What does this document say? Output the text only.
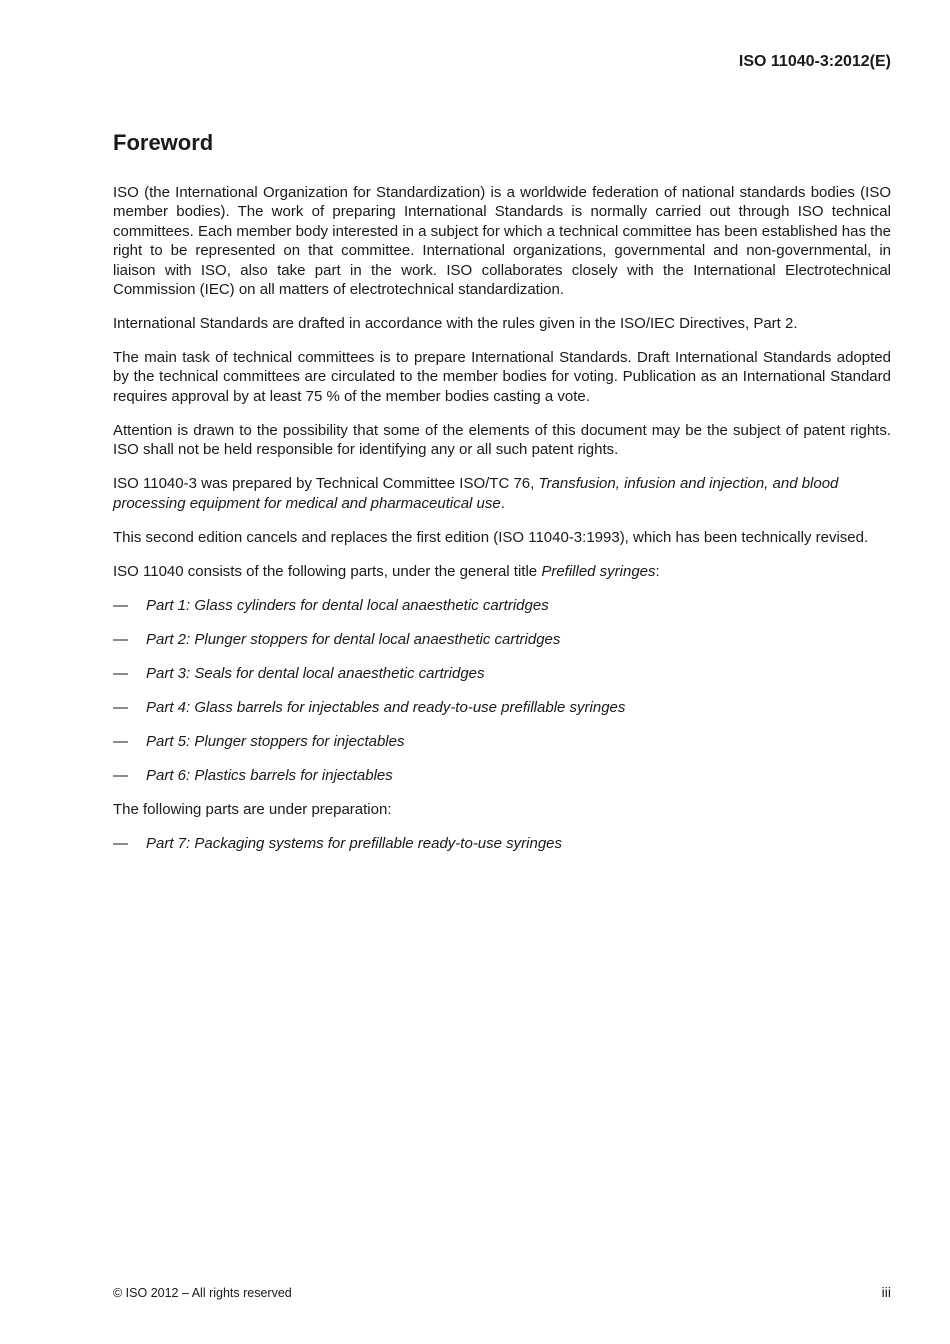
ISO 11040-3:2012(E)
Foreword

ISO (the International Organization for Standardization) is a worldwide federation of national standards bodies (ISO member bodies). The work of preparing International Standards is normally carried out through ISO technical committees. Each member body interested in a subject for which a technical committee has been established has the right to be represented on that committee. International organizations, governmental and non-governmental, in liaison with ISO, also take part in the work. ISO collaborates closely with the International Electrotechnical Commission (IEC) on all matters of electrotechnical standardization.

International Standards are drafted in accordance with the rules given in the ISO/IEC Directives, Part 2.

The main task of technical committees is to prepare International Standards. Draft International Standards adopted by the technical committees are circulated to the member bodies for voting. Publication as an International Standard requires approval by at least 75 % of the member bodies casting a vote.

Attention is drawn to the possibility that some of the elements of this document may be the subject of patent rights. ISO shall not be held responsible for identifying any or all such patent rights.

ISO 11040-3 was prepared by Technical Committee ISO/TC 76, Transfusion, infusion and injection, and blood processing equipment for medical and pharmaceutical use.

This second edition cancels and replaces the first edition (ISO 11040-3:1993), which has been technically revised.

ISO 11040 consists of the following parts, under the general title Prefilled syringes:

—	Part 1: Glass cylinders for dental local anaesthetic cartridges
—	Part 2: Plunger stoppers for dental local anaesthetic cartridges
—	Part 3: Seals for dental local anaesthetic cartridges
—	Part 4: Glass barrels for injectables and ready-to-use prefillable syringes
—	Part 5: Plunger stoppers for injectables
—	Part 6: Plastics barrels for injectables

The following parts are under preparation:

—	Part 7: Packaging systems for prefillable ready-to-use syringes
© ISO 2012 – All rights reserved	iii
